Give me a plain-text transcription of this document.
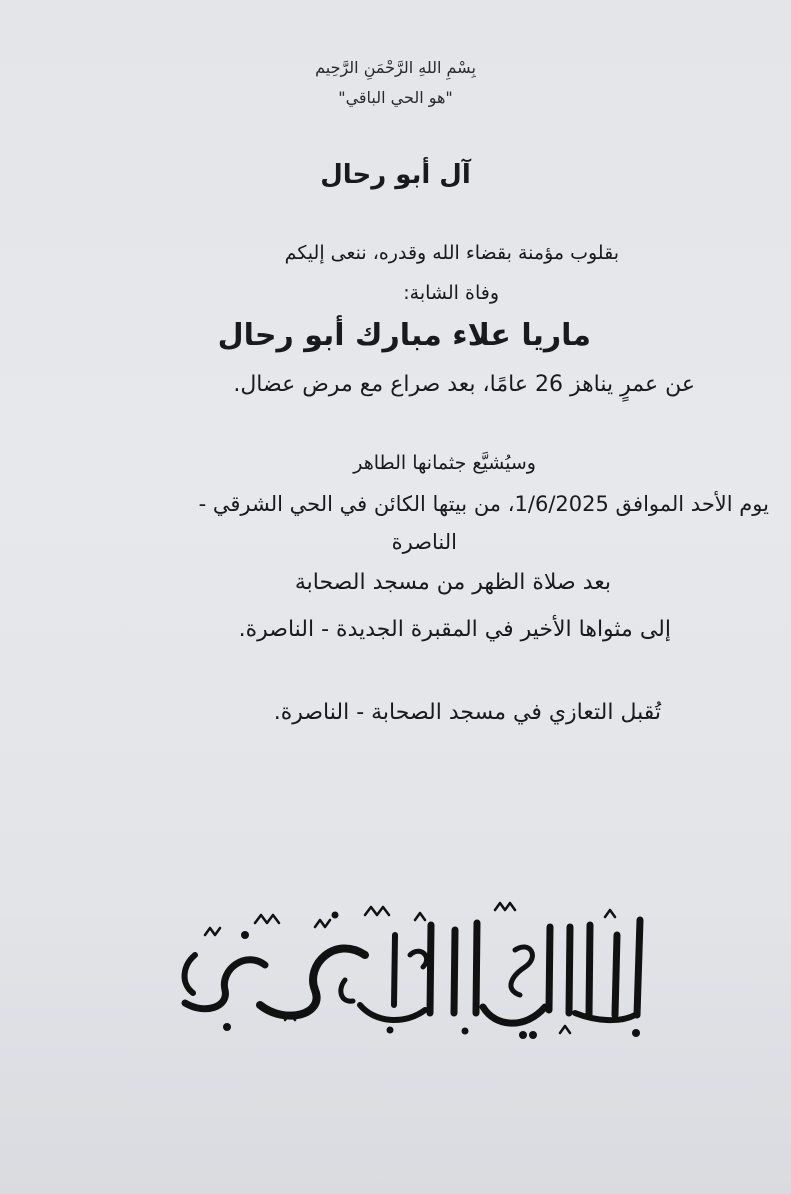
بِسْمِ اللهِ الرَّحْمَنِ الرَّحِيم
"هو الحي الباقي"
آل أبو رحال
بقلوب مؤمنة بقضاء الله وقدره، ننعى إليكم
وفاة الشابة:
ماريا علاء مبارك أبو رحال
عن عمرٍ يناهز 26 عامًا، بعد صراع مع مرض عضال.
وسيُشيَّع جثمانها الطاهر
يوم الأحد الموافق 1/6/2025، من بيتها الكائن في الحي الشرقي -
الناصرة
بعد صلاة الظهر من مسجد الصحابة
إلى مثواها الأخير في المقبرة الجديدة - الناصرة.
تُقبل التعازي في مسجد الصحابة - الناصرة.
